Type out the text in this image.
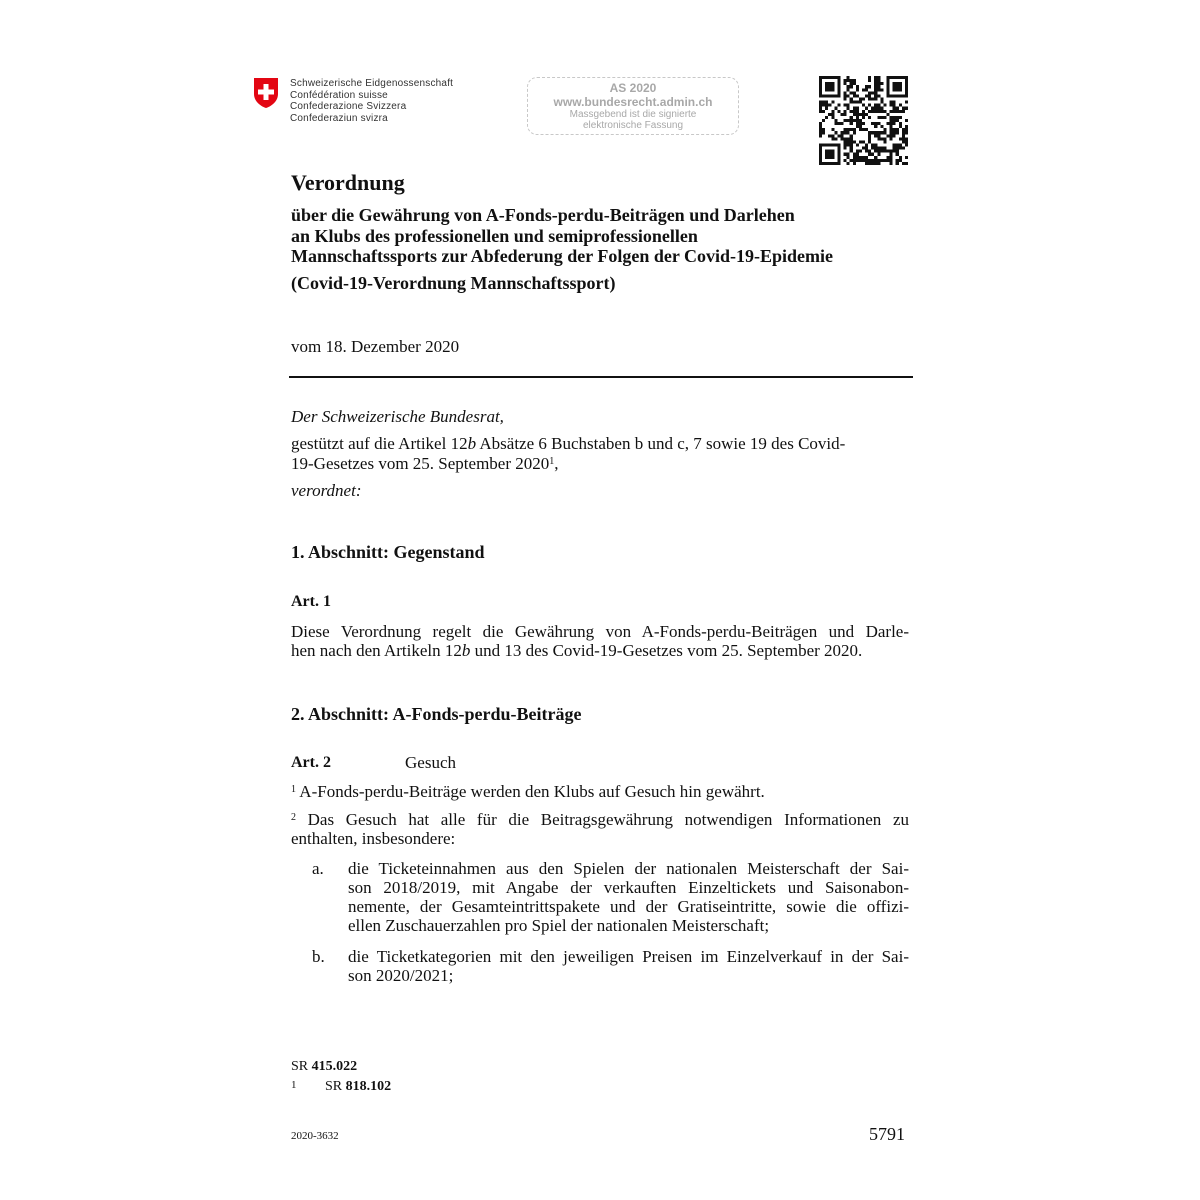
Schweizerische Eidgenossenschaft
Confédération suisse
Confederazione Svizzera
Confederaziun svizra
AS 2020
www.bundesrecht.admin.ch
Massgebend ist die signierte
elektronische Fassung
Verordnung
über die Gewährung von A-Fonds-perdu-Beiträgen und Darlehen
an Klubs des professionellen und semiprofessionellen
Mannschaftssports zur Abfederung der Folgen der Covid-19-Epidemie
(Covid-19-Verordnung Mannschaftssport)
vom 18. Dezember 2020
Der Schweizerische Bundesrat,
gestützt auf die Artikel 12b Absätze 6 Buchstaben b und c, 7 sowie 19 des Covid-
19-Gesetzes vom 25. September 2020$^1$,
verordnet:
1. Abschnitt: Gegenstand
Art. 1
Diese Verordnung regelt die Gewährung von A-Fonds-perdu-Beiträgen und Darle-
hen nach den Artikeln 12b und 13 des Covid-19-Gesetzes vom 25. September 2020.
2. Abschnitt: A-Fonds-perdu-Beiträge
Art. 2	Gesuch
$^1$ A-Fonds-perdu-Beiträge werden den Klubs auf Gesuch hin gewährt.
$^2$ Das Gesuch hat alle für die Beitragsgewährung notwendigen Informationen zu
enthalten, insbesondere:
a. die Ticketeinnahmen aus den Spielen der nationalen Meisterschaft der Sai-
son 2018/2019, mit Angabe der verkauften Einzeltickets und Saisonabon-
nemente, der Gesamteintrittspakete und der Gratiseintritte, sowie die offizi-
ellen Zuschauerzahlen pro Spiel der nationalen Meisterschaft;
b. die Ticketkategorien mit den jeweiligen Preisen im Einzelverkauf in der Sai-
son 2020/2021;
SR 415.022
1 SR 818.102
2020-3632	5791
